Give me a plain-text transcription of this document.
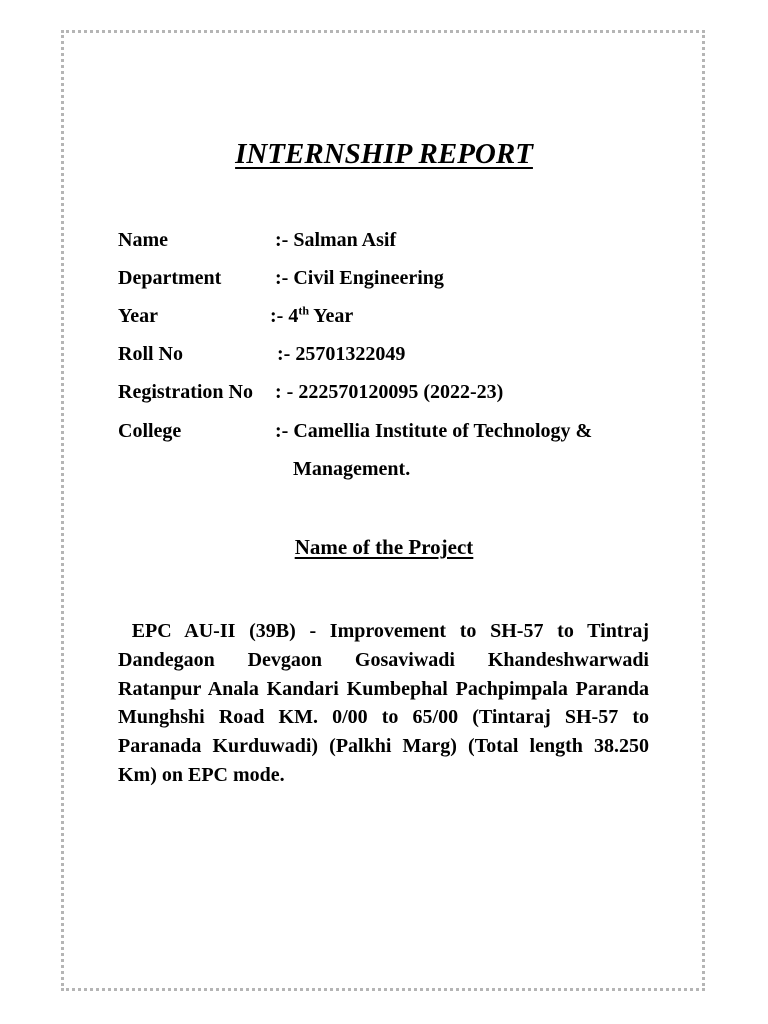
INTERNSHIP REPORT
Name	:- Salman Asif
Department	:- Civil Engineering
Year	:- 4th Year
Roll No	:- 25701322049
Registration No : - 222570120095 (2022-23)
College	:- Camellia Institute of Technology &
Management.
Name of the Project

EPC AU-II (39B) - Improvement to SH-57 to Tintraj Dandegaon Devgaon Gosaviwadi Khandeshwarwadi Ratanpur Anala Kandari Kumbephal Pachpimpala Paranda Munghshi Road KM. 0/00 to 65/00 (Tintaraj SH-57 to Paranada Kurduwadi) (Palkhi Marg) (Total length 38.250 Km) on EPC mode.
